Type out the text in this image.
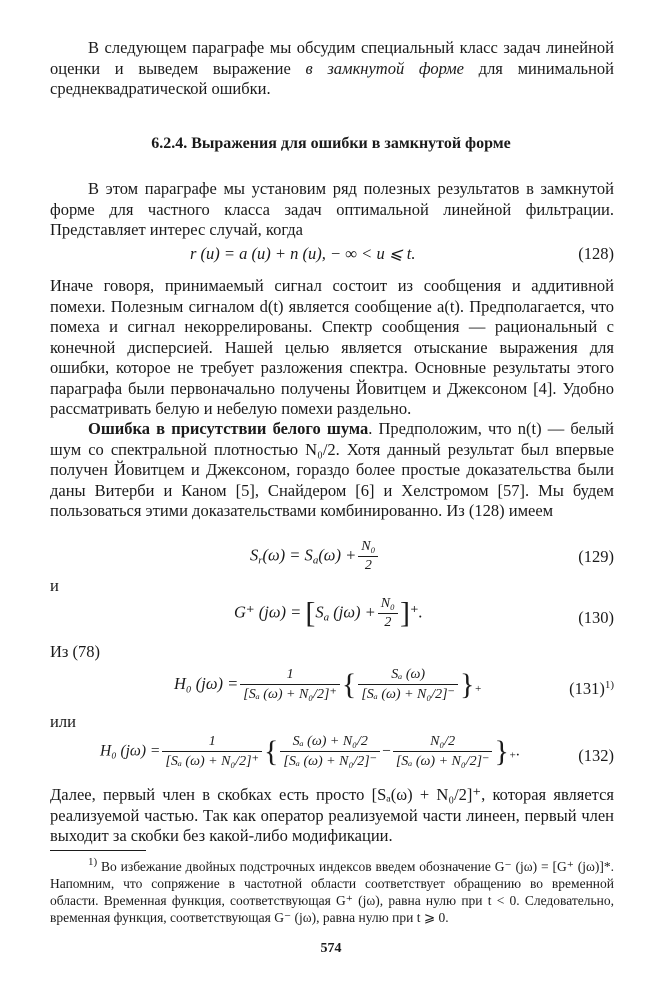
В следующем параграфе мы обсудим специальный класс задач линейной оценки и выведем выражение в замкнутой форме для минимальной среднеквадратической ошибки.

6.2.4. Выражения для ошибки в замкнутой форме

В этом параграфе мы установим ряд полезных результатов в замкнутой форме для частного класса задач оптимальной линейной фильтрации. Представляет интерес случай, когда

r (u) = a (u) + n (u), − ∞ < u ⩽ t.	(128)

Иначе говоря, принимаемый сигнал состоит из сообщения и аддитивной помехи. Полезным сигналом d(t) является сообщение a(t). Предполагается, что помеха и сигнал некоррелированы. Спектр сообщения — рациональный с конечной дисперсией. Нашей целью является отыскание выражения для ошибки, которое не требует разложения спектра. Основные результаты этого параграфа были первоначально получены Йовитцем и Джексоном [4]. Удобно рассматривать белую и небелую помехи раздельно.

Ошибка в присутствии белого шума. Предположим, что n(t) — белый шум со спектральной плотностью N₀/2. Хотя данный результат был впервые получен Йовитцем и Джексоном, гораздо более простые доказательства были даны Витерби и Каном [5], Снайдером [6] и Хелстромом [57]. Мы будем пользоваться этими доказательствами комбинированно. Из (128) имеем

$S_r(\omega) = S_a(\omega) + \frac{\text{N₀}}{2}$	(129)
и
G⁺ $(j\omega) = [S_a$ $(j\omega) + \frac{\text{N₀}}{2}$ ]⁺.	(130)
Из (78)
H₀ $(j\omega) = \frac{1}{\text{[Sₐ (ω) + N₀/2]⁺}}$ { $\frac{\text{Sₐ (ω)}}{\text{[Sₐ (ω) + N₀/2]⁻}} \}_+$	$(131)^{1)}$
или
H₀ $(j\omega) = \frac{1}{\text{[Sₐ (ω) + N₀/2]⁺}}$ { $\frac{\text{Sₐ (ω) + N₀/2}}{\text{[Sₐ (ω) + N₀/2]⁻}} - \frac{\text{N₀/2}}{\text{[Sₐ (ω) + N₀/2]⁻}} \}_+$.	(132)

Далее, первый член в скобках есть просто [Sₐ(ω) + N₀/2]⁺, которая является реализуемой частью. Так как оператор реализуемой части линеен, первый член выходит за скобки без какой-либо модификации.

$^{1)}$ Во избежание двойных подстрочных индексов введем обозначение G⁻ (jω) = [G⁺ (jω)]*. Напомним, что сопряжение в частотной области соответствует обращению во временной области. Временная функция, соответствующая G⁺ (jω), равна нулю при t < 0. Следовательно, временная функция, соответствующая G⁻ (jω), равна нулю при t ⩾ 0.

574
